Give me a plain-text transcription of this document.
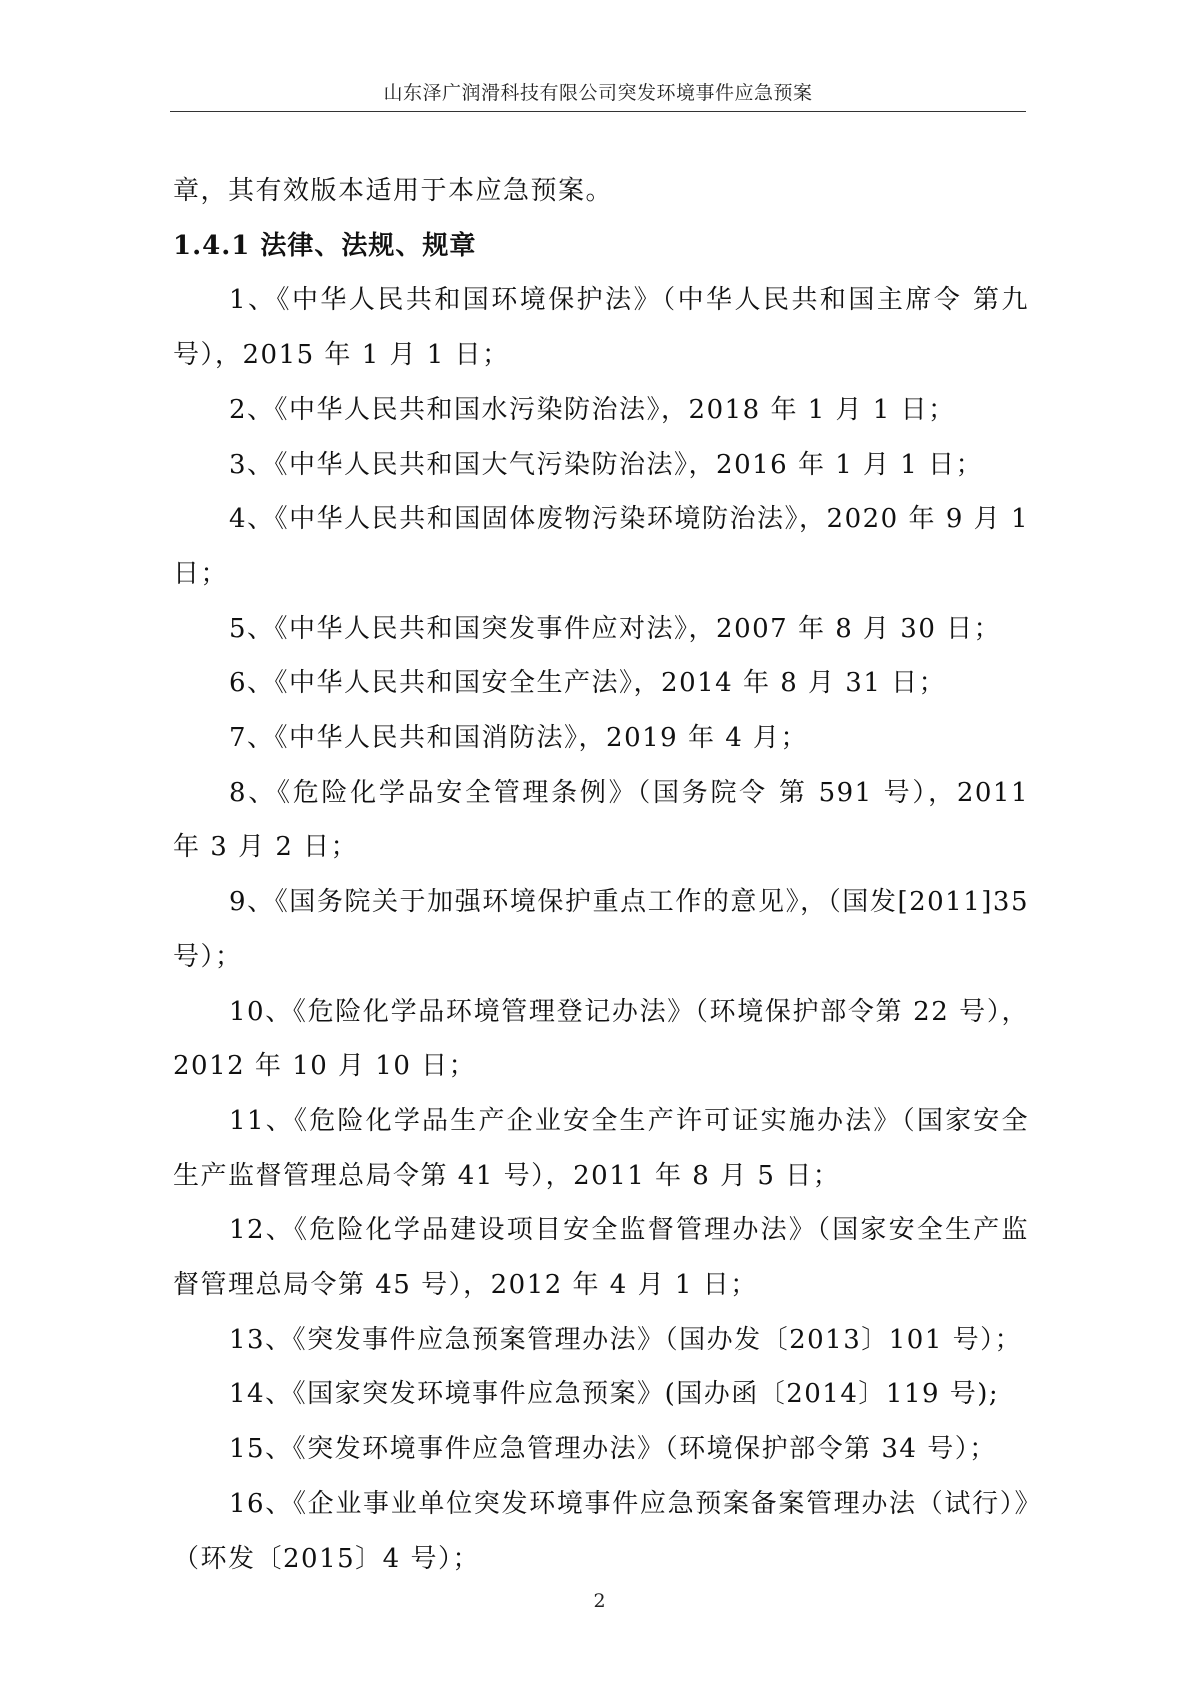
山东泽广润滑科技有限公司突发环境事件应急预案

章，其有效版本适用于本应急预案。

1.4.1 法律、法规、规章

1、《中华人民共和国环境保护法》（中华人民共和国主席令 第九号），2015 年 1 月 1 日；

2、《中华人民共和国水污染防治法》，2018 年 1 月 1 日；

3、《中华人民共和国大气污染防治法》，2016 年 1 月 1 日；

4、《中华人民共和国固体废物污染环境防治法》，2020 年 9 月 1 日；

5、《中华人民共和国突发事件应对法》，2007 年 8 月 30 日；

6、《中华人民共和国安全生产法》，2014 年 8 月 31 日；

7、《中华人民共和国消防法》，2019 年 4 月；

8、《危险化学品安全管理条例》（国务院令 第 591 号），2011 年 3 月 2 日；

9、《国务院关于加强环境保护重点工作的意见》，（国发[2011]35 号）；

10、《危险化学品环境管理登记办法》（环境保护部令第 22 号），2012 年 10 月 10 日；

11、《危险化学品生产企业安全生产许可证实施办法》（国家安全生产监督管理总局令第 41 号），2011 年 8 月 5 日；

12、《危险化学品建设项目安全监督管理办法》（国家安全生产监督管理总局令第 45 号），2012 年 4 月 1 日；

13、《突发事件应急预案管理办法》（国办发〔2013〕101 号）；

14、《国家突发环境事件应急预案》(国办函〔2014〕119 号);

15、《突发环境事件应急管理办法》（环境保护部令第 34 号）；

16、《企业事业单位突发环境事件应急预案备案管理办法（试行）》（环发〔2015〕4 号）；

2
